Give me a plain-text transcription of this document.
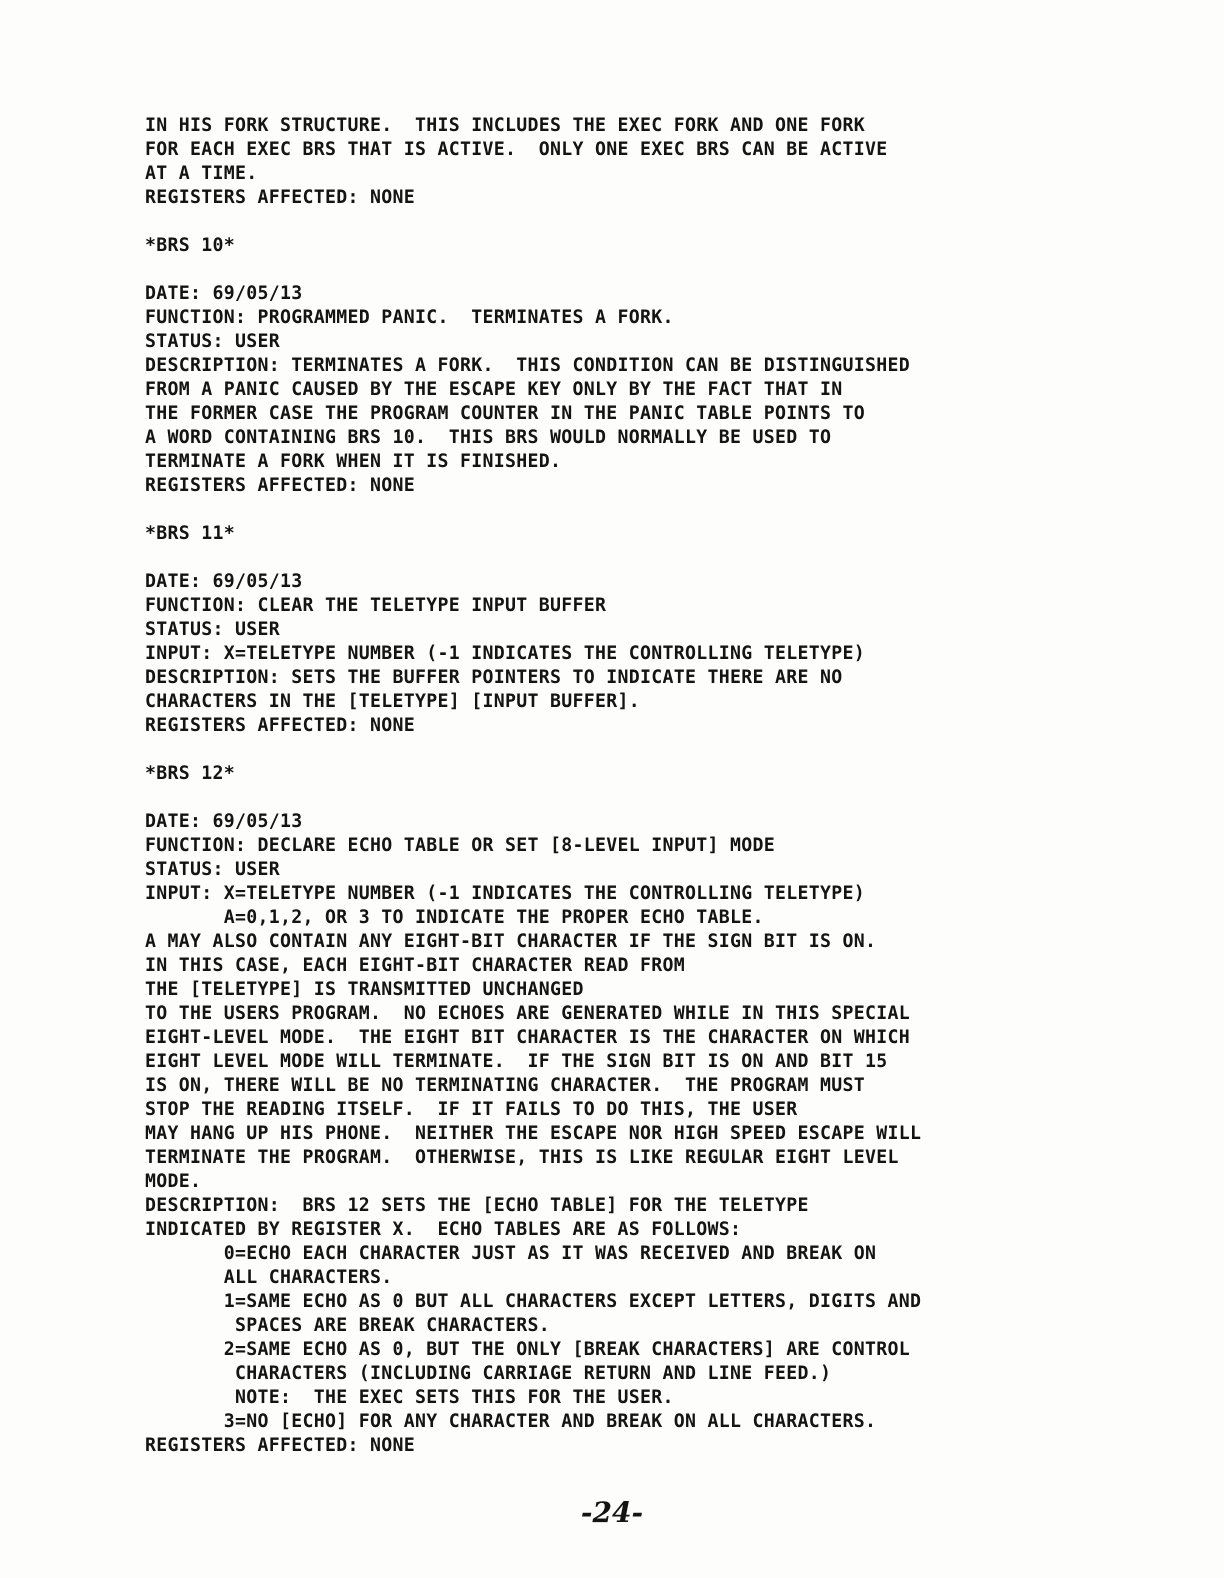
IN HIS FORK STRUCTURE.  THIS INCLUDES THE EXEC FORK AND ONE FORK
FOR EACH EXEC BRS THAT IS ACTIVE.  ONLY ONE EXEC BRS CAN BE ACTIVE
AT A TIME.
REGISTERS AFFECTED: NONE
*BRS 10*
DATE: 69/05/13
FUNCTION: PROGRAMMED PANIC.  TERMINATES A FORK.
STATUS: USER
DESCRIPTION: TERMINATES A FORK.  THIS CONDITION CAN BE DISTINGUISHED
FROM A PANIC CAUSED BY THE ESCAPE KEY ONLY BY THE FACT THAT IN
THE FORMER CASE THE PROGRAM COUNTER IN THE PANIC TABLE POINTS TO
A WORD CONTAINING BRS 10.  THIS BRS WOULD NORMALLY BE USED TO
TERMINATE A FORK WHEN IT IS FINISHED.
REGISTERS AFFECTED: NONE
*BRS 11*
DATE: 69/05/13
FUNCTION: CLEAR THE TELETYPE INPUT BUFFER
STATUS: USER
INPUT: X=TELETYPE NUMBER (-1 INDICATES THE CONTROLLING TELETYPE)
DESCRIPTION: SETS THE BUFFER POINTERS TO INDICATE THERE ARE NO
CHARACTERS IN THE [TELETYPE] [INPUT BUFFER].
REGISTERS AFFECTED: NONE
*BRS 12*
DATE: 69/05/13
FUNCTION: DECLARE ECHO TABLE OR SET [8-LEVEL INPUT] MODE
STATUS: USER
INPUT: X=TELETYPE NUMBER (-1 INDICATES THE CONTROLLING TELETYPE)
A=0,1,2, OR 3 TO INDICATE THE PROPER ECHO TABLE.
A MAY ALSO CONTAIN ANY EIGHT-BIT CHARACTER IF THE SIGN BIT IS ON.
IN THIS CASE, EACH EIGHT-BIT CHARACTER READ FROM
THE [TELETYPE] IS TRANSMITTED UNCHANGED
TO THE USERS PROGRAM.  NO ECHOES ARE GENERATED WHILE IN THIS SPECIAL
EIGHT-LEVEL MODE.  THE EIGHT BIT CHARACTER IS THE CHARACTER ON WHICH
EIGHT LEVEL MODE WILL TERMINATE.  IF THE SIGN BIT IS ON AND BIT 15
IS ON, THERE WILL BE NO TERMINATING CHARACTER.  THE PROGRAM MUST
STOP THE READING ITSELF.  IF IT FAILS TO DO THIS, THE USER
MAY HANG UP HIS PHONE.  NEITHER THE ESCAPE NOR HIGH SPEED ESCAPE WILL
TERMINATE THE PROGRAM.  OTHERWISE, THIS IS LIKE REGULAR EIGHT LEVEL
MODE.
DESCRIPTION:  BRS 12 SETS THE [ECHO TABLE] FOR THE TELETYPE
INDICATED BY REGISTER X.  ECHO TABLES ARE AS FOLLOWS:
0=ECHO EACH CHARACTER JUST AS IT WAS RECEIVED AND BREAK ON
ALL CHARACTERS.
1=SAME ECHO AS 0 BUT ALL CHARACTERS EXCEPT LETTERS, DIGITS AND
SPACES ARE BREAK CHARACTERS.
2=SAME ECHO AS 0, BUT THE ONLY [BREAK CHARACTERS] ARE CONTROL
CHARACTERS (INCLUDING CARRIAGE RETURN AND LINE FEED.)
NOTE:  THE EXEC SETS THIS FOR THE USER.
3=NO [ECHO] FOR ANY CHARACTER AND BREAK ON ALL CHARACTERS.
REGISTERS AFFECTED: NONE
-24-
